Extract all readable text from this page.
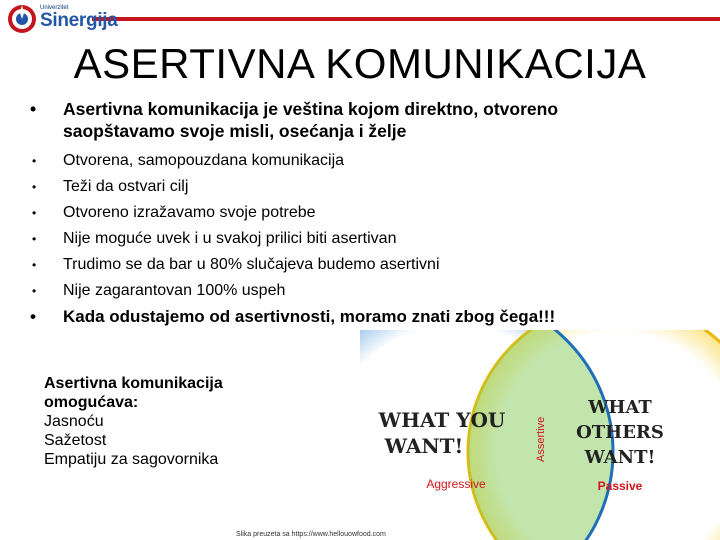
Univerzitet
Sinergija
ASERTIVNA KOMUNIKACIJA
• Asertivna komunikacija je veština kojom direktno, otvoreno
saopštavamo svoje misli, osećanja i želje
• Otvorena, samopouzdana komunikacija
• Teži da ostvari cilj
• Otvoreno izražavamo svoje potrebe
• Nije moguće uvek i u svakoj prilici biti asertivan
• Trudimo se da bar u 80% slučajeva budemo asertivni
• Nije zagarantovan 100% uspeh
• Kada odustajemo od asertivnosti, moramo znati zbog čega!!!
Asertivna komunikacija
omogućava:
Jasnoću
Sažetost
Empatiju za sagovornika
WHAT YOU
WANT!
Aggressive
Assertive
WHAT
OTHERS
WANT!
Passive
Slika preuzeta sa https://www.hellouowfood.com
